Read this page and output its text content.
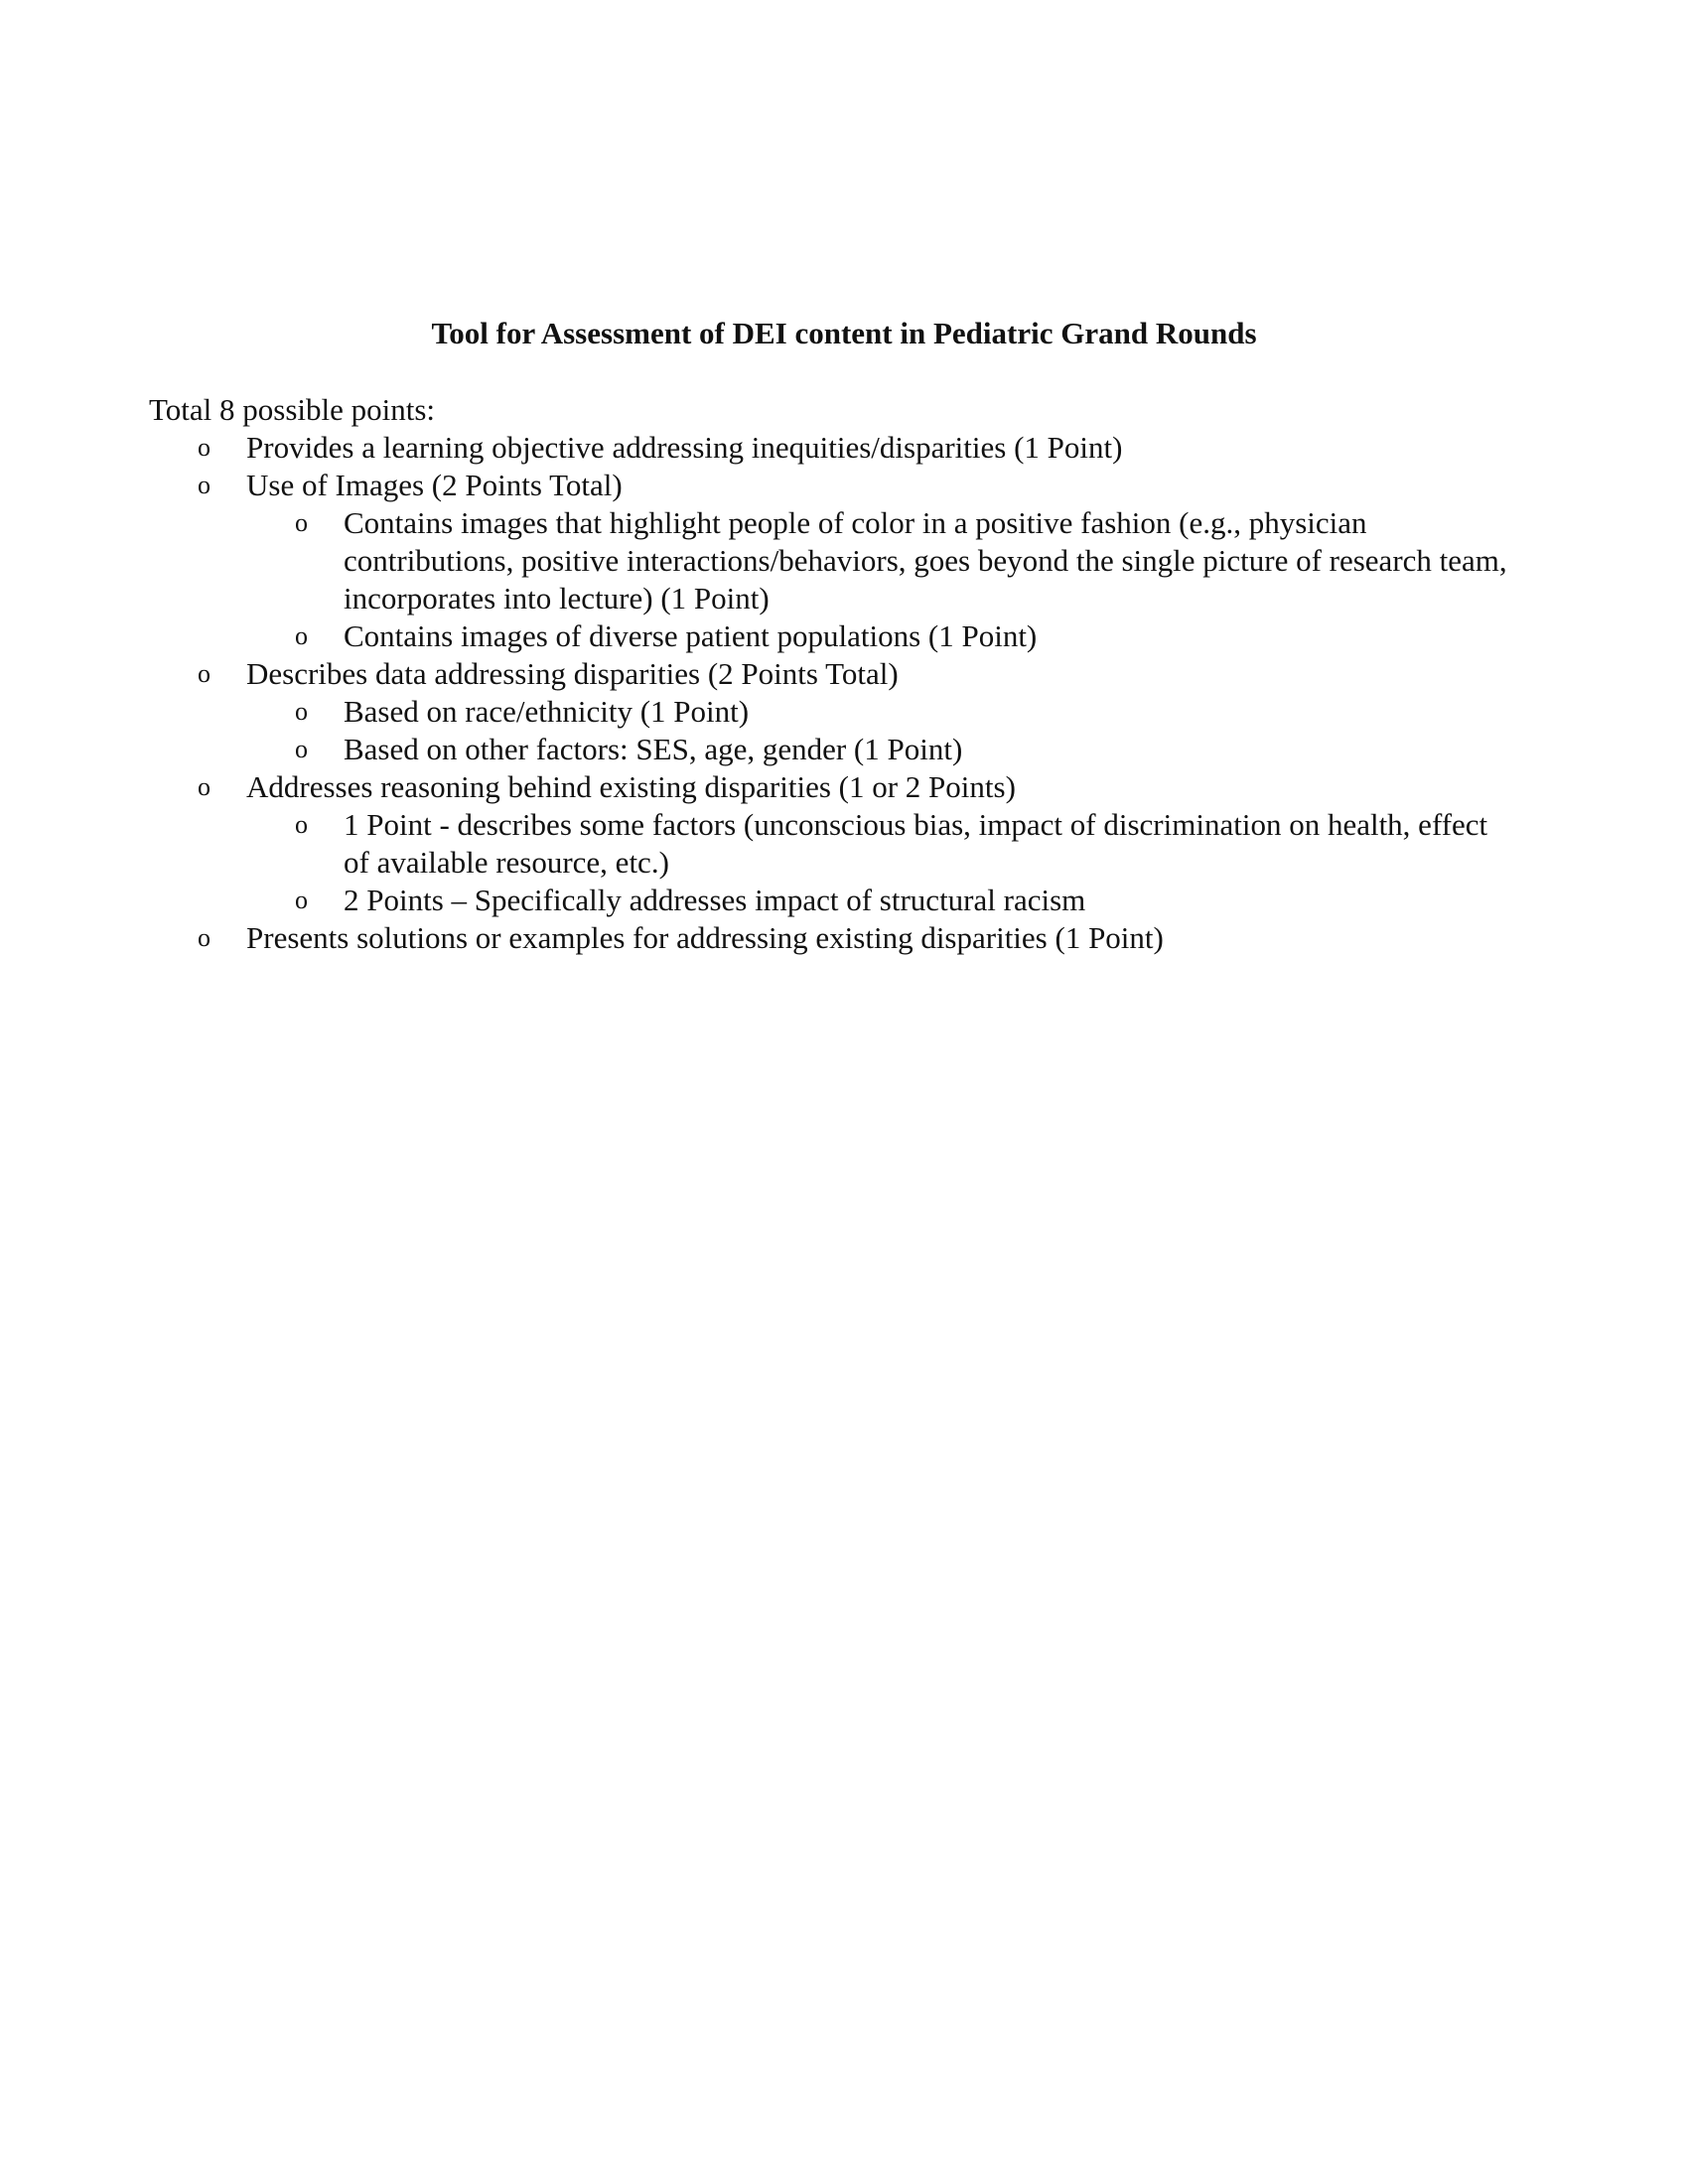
Tool for Assessment of DEI content in Pediatric Grand Rounds

Total 8 possible points:

o Provides a learning objective addressing inequities/disparities (1 Point)
o Use of Images (2 Points Total)
o Contains images that highlight people of color in a positive fashion (e.g., physician contributions, positive interactions/behaviors, goes beyond the single picture of research team, incorporates into lecture) (1 Point)
o Contains images of diverse patient populations (1 Point)
o Describes data addressing disparities (2 Points Total)
o Based on race/ethnicity (1 Point)
o Based on other factors: SES, age, gender (1 Point)
o Addresses reasoning behind existing disparities (1 or 2 Points)
o 1 Point - describes some factors (unconscious bias, impact of discrimination on health, effect of available resource, etc.)
o 2 Points – Specifically addresses impact of structural racism
o Presents solutions or examples for addressing existing disparities (1 Point)
